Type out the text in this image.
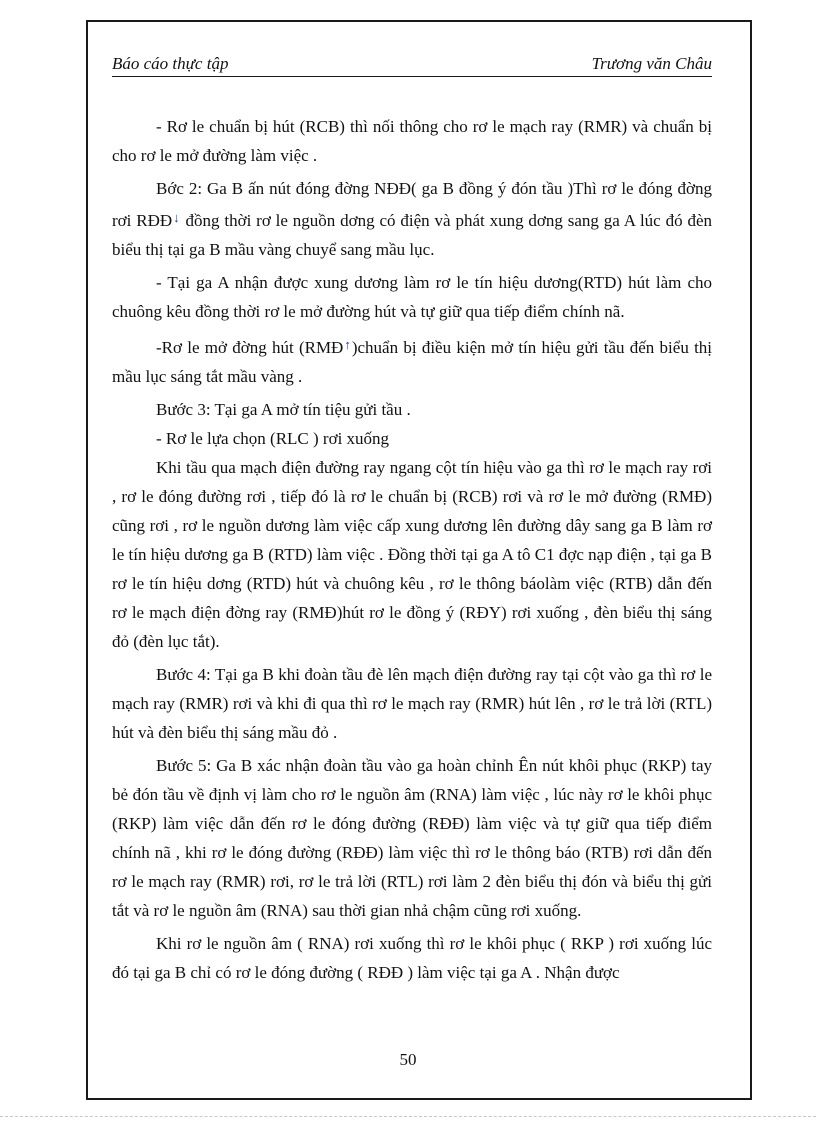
Báo cáo thực tập	Trương văn Châu

- Rơ le chuẩn bị hút (RCB) thì nối thông cho rơ le mạch ray (RMR) và chuẩn bị cho rơ le mở đường làm việc .

Bớc 2: Ga B ấn nút đóng đờng NĐĐ( ga B đồng ý đón tầu )Thì rơ le đóng đờng rơi RĐĐ↓ đồng thời rơ le nguồn dơng có điện và phát xung dơng sang ga A lúc đó đèn biểu thị tại ga B mầu vàng chuyể sang mầu lục.

- Tại ga A nhận được xung dương làm rơ le tín hiệu dương(RTD) hút làm cho chuông kêu đồng thời rơ le mở đường hút và tự giữ qua tiếp điểm chính nã.

-Rơ le mở đờng hút (RMĐ↑)chuẩn bị điều kiện mở tín hiệu gửi tầu đến biểu thị mầu lục sáng tắt mầu vàng .

Bước 3: Tại ga A mở tín tiệu gửi tầu .

- Rơ le lựa chọn (RLC ) rơi xuống

Khi tầu qua mạch điện đường ray ngang cột tín hiệu vào ga thì rơ le mạch ray rơi , rơ le đóng đường rơi , tiếp đó là rơ le chuẩn bị (RCB) rơi và rơ le mở đường (RMĐ) cũng rơi , rơ le nguồn dương làm việc cấp xung dương lên đường dây sang ga B làm rơ le tín hiệu dương ga B (RTD) làm việc . Đồng thời tại ga A tô C1 đợc nạp điện , tại ga B rơ le tín hiệu dơng (RTD) hút và chuông kêu , rơ le thông báolàm việc (RTB) dẫn đến rơ le mạch điện đờng ray (RMĐ)hút rơ le đồng ý (RĐY) rơi xuống , đèn biểu thị sáng đỏ (đèn lục tắt).

Bước 4: Tại ga B khi đoàn tầu đè lên mạch điện đường ray tại cột vào ga thì rơ le mạch ray (RMR) rơi và khi đi qua thì rơ le mạch ray (RMR) hút lên , rơ le trả lời (RTL) hút và đèn biểu thị sáng mầu đỏ .

Bước 5: Ga B xác nhận đoàn tầu vào ga hoàn chỉnh Ên nút khôi phục (RKP) tay bẻ đón tầu về định vị làm cho rơ le nguồn âm (RNA) làm việc , lúc này rơ le khôi phục (RKP) làm việc dẫn đến rơ le đóng đường (RĐĐ) làm việc và tự giữ qua tiếp điểm chính nã , khi rơ le đóng đường (RĐĐ) làm việc thì rơ le thông báo (RTB) rơi dẫn đến rơ le mạch ray (RMR) rơi, rơ le trả lời (RTL) rơi làm 2 đèn biểu thị đón và biểu thị gửi tắt và rơ le nguồn âm (RNA) sau thời gian nhả chậm cũng rơi xuống.

Khi rơ le nguồn âm ( RNA) rơi xuống thì rơ le khôi phục ( RKP ) rơi xuống lúc đó tại ga B chỉ có rơ le đóng đường ( RĐĐ ) làm việc tại ga A . Nhận được

50
